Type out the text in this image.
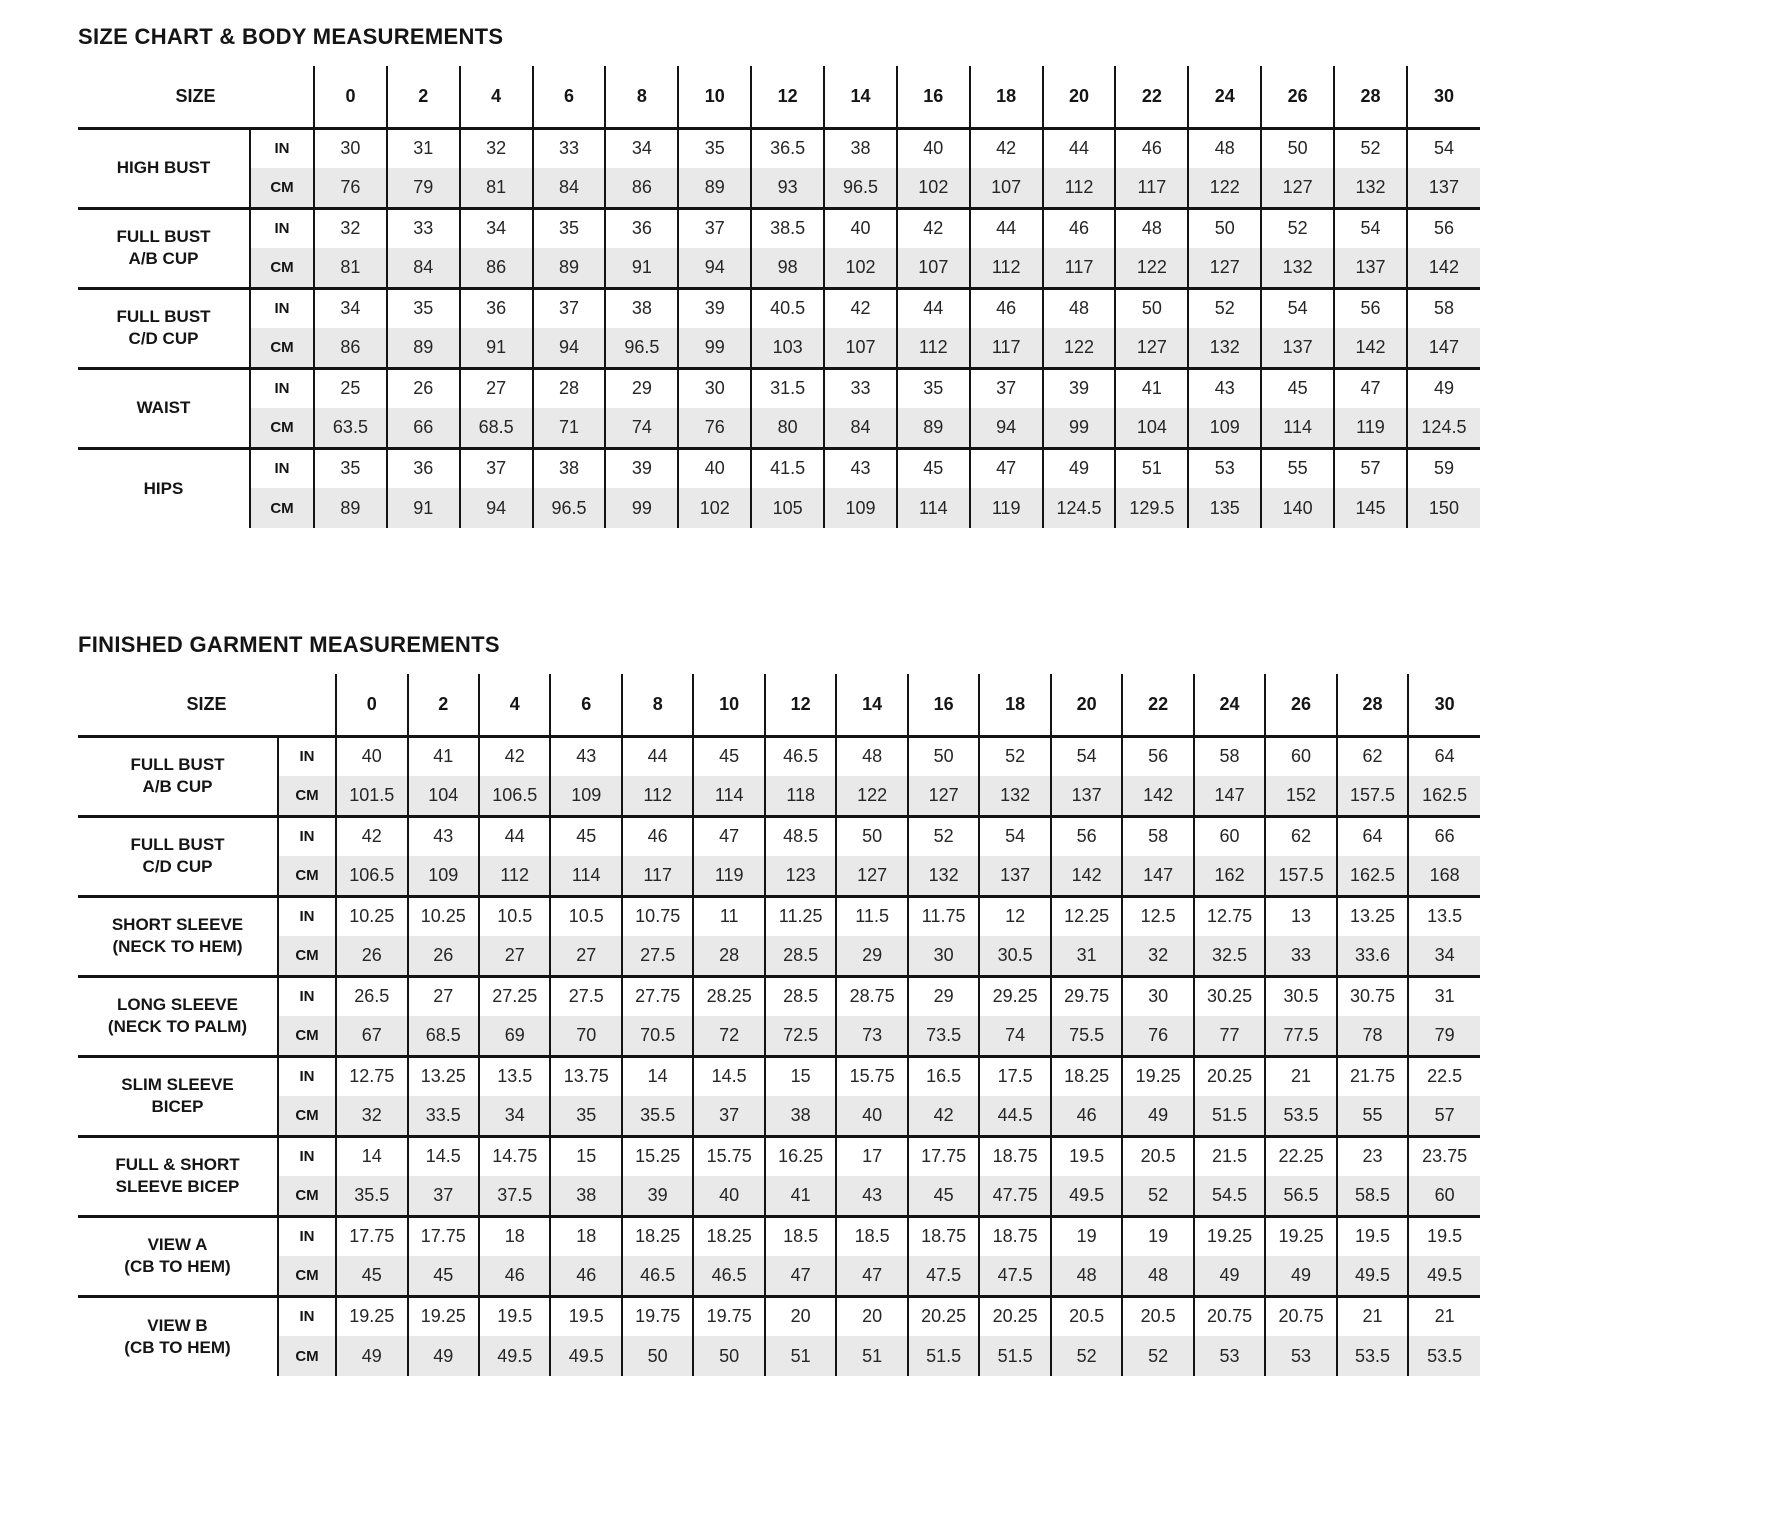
SIZE CHART & BODY MEASUREMENTS
SIZE		0	2	4	6	8	10	12	14	16	18	20	22	24	26	28	30

HIGH BUST	IN	30	31	32	33	34	35	36.5	38	40	42	44	46	48	50	52	54
	CM	76	79	81	84	86	89	93	96.5	102	107	112	117	122	127	132	137

FULL BUST
A/B CUP	IN	32	33	34	35	36	37	38.5	40	42	44	46	48	50	52	54	56
	CM	81	84	86	89	91	94	98	102	107	112	117	122	127	132	137	142

FULL BUST
C/D CUP	IN	34	35	36	37	38	39	40.5	42	44	46	48	50	52	54	56	58
	CM	86	89	91	94	96.5	99	103	107	112	117	122	127	132	137	142	147

WAIST	IN	25	26	27	28	29	30	31.5	33	35	37	39	41	43	45	47	49
	CM	63.5	66	68.5	71	74	76	80	84	89	94	99	104	109	114	119	124.5

HIPS	IN	35	36	37	38	39	40	41.5	43	45	47	49	51	53	55	57	59
	CM	89	91	94	96.5	99	102	105	109	114	119	124.5	129.5	135	140	145	150
FINISHED GARMENT MEASUREMENTS
SIZE		0	2	4	6	8	10	12	14	16	18	20	22	24	26	28	30

FULL BUST
A/B CUP	IN	40	41	42	43	44	45	46.5	48	50	52	54	56	58	60	62	64
	CM	101.5	104	106.5	109	112	114	118	122	127	132	137	142	147	152	157.5	162.5

FULL BUST
C/D CUP	IN	42	43	44	45	46	47	48.5	50	52	54	56	58	60	62	64	66
	CM	106.5	109	112	114	117	119	123	127	132	137	142	147	162	157.5	162.5	168

SHORT SLEEVE
(NECK TO HEM)	IN	10.25	10.25	10.5	10.5	10.75	11	11.25	11.5	11.75	12	12.25	12.5	12.75	13	13.25	13.5
	CM	26	26	27	27	27.5	28	28.5	29	30	30.5	31	32	32.5	33	33.6	34

LONG SLEEVE
(NECK TO PALM)	IN	26.5	27	27.25	27.5	27.75	28.25	28.5	28.75	29	29.25	29.75	30	30.25	30.5	30.75	31
	CM	67	68.5	69	70	70.5	72	72.5	73	73.5	74	75.5	76	77	77.5	78	79

SLIM SLEEVE
BICEP	IN	12.75	13.25	13.5	13.75	14	14.5	15	15.75	16.5	17.5	18.25	19.25	20.25	21	21.75	22.5
	CM	32	33.5	34	35	35.5	37	38	40	42	44.5	46	49	51.5	53.5	55	57

FULL & SHORT
SLEEVE BICEP	IN	14	14.5	14.75	15	15.25	15.75	16.25	17	17.75	18.75	19.5	20.5	21.5	22.25	23	23.75
	CM	35.5	37	37.5	38	39	40	41	43	45	47.75	49.5	52	54.5	56.5	58.5	60

VIEW A
(CB TO HEM)	IN	17.75	17.75	18	18	18.25	18.25	18.5	18.5	18.75	18.75	19	19	19.25	19.25	19.5	19.5
	CM	45	45	46	46	46.5	46.5	47	47	47.5	47.5	48	48	49	49	49.5	49.5

VIEW B
(CB TO HEM)	IN	19.25	19.25	19.5	19.5	19.75	19.75	20	20	20.25	20.25	20.5	20.5	20.75	20.75	21	21
	CM	49	49	49.5	49.5	50	50	51	51	51.5	51.5	52	52	53	53	53.5	53.5
